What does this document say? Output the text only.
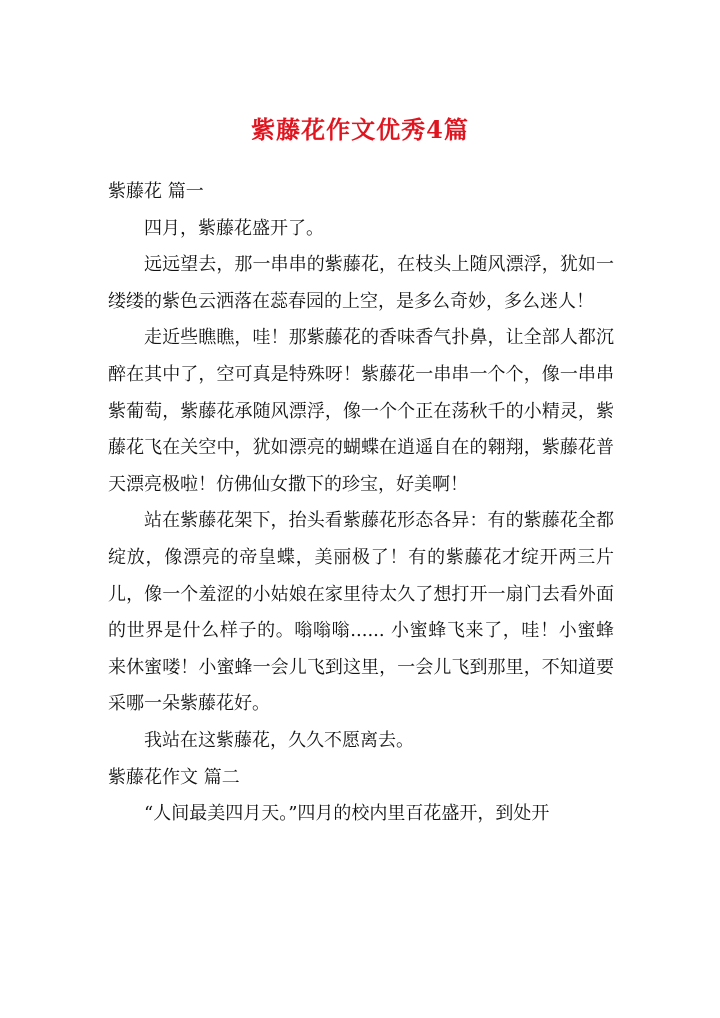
紫藤花作文优秀4篇

紫藤花 篇一

四月，紫藤花盛开了。

远远望去，那一串串的紫藤花，在枝头上随风漂浮，犹如一缕缕的紫色云洒落在蕊春园的上空，是多么奇妙，多么迷人！

走近些瞧瞧，哇！那紫藤花的香味香气扑鼻，让全部人都沉醉在其中了，空可真是特殊呀！紫藤花一串串一个个，像一串串紫葡萄，紫藤花承随风漂浮，像一个个正在荡秋千的小精灵，紫藤花飞在关空中，犹如漂亮的蝴蝶在逍遥自在的翱翔，紫藤花普天漂亮极啦！仿佛仙女撒下的珍宝，好美啊！

站在紫藤花架下，抬头看紫藤花形态各异：有的紫藤花全都绽放，像漂亮的帝皇蝶，美丽极了！有的紫藤花才绽开两三片儿，像一个羞涩的小姑娘在家里待太久了想打开一扇门去看外面的世界是什么样子的。嗡嗡嗡...... 小蜜蜂飞来了，哇！小蜜蜂来休蜜喽！小蜜蜂一会儿飞到这里，一会儿飞到那里，不知道要采哪一朵紫藤花好。

我站在这紫藤花，久久不愿离去。

紫藤花作文 篇二

“人间最美四月天。”四月的校内里百花盛开，到处开
